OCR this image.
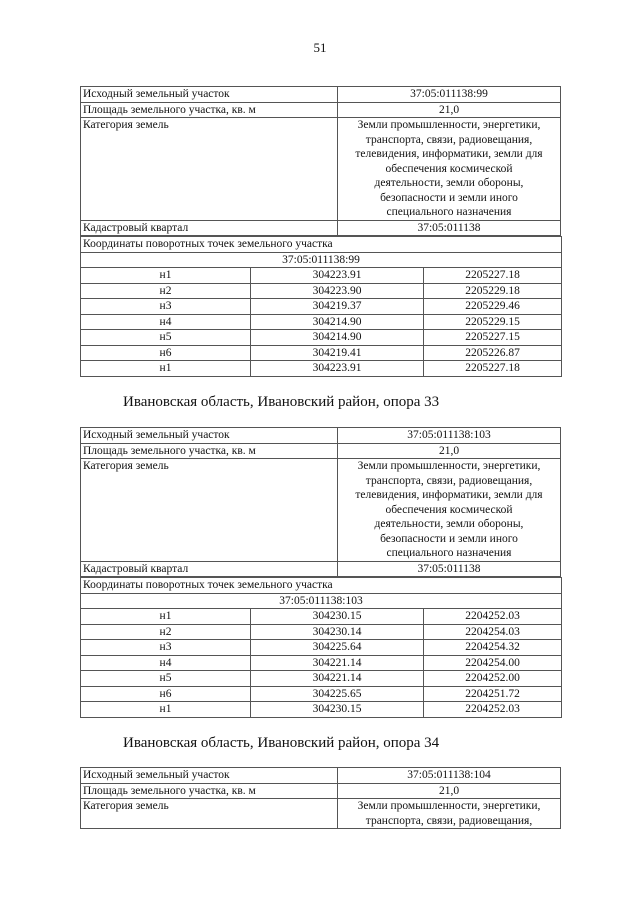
51
Исходный земельный участок	37:05:011138:99
Площадь земельного участка, кв. м	21,0
Категория земель	Земли промышленности, энергетики,
транспорта, связи, радиовещания,
телевидения, информатики, земли для
обеспечения космической
деятельности, земли обороны,
безопасности и земли иного
специального назначения

Кадастровый квартал	37:05:011138
Координаты поворотных точек земельного участка		
37:05:011138:99		
н1	304223.91	2205227.18
н2	304223.90	2205229.18
н3	304219.37	2205229.46
н4	304214.90	2205229.15
н5	304214.90	2205227.15
н6	304219.41	2205226.87
н1	304223.91	2205227.18
Ивановская область, Ивановский район, опора 33
Исходный земельный участок	37:05:011138:103
Площадь земельного участка, кв. м	21,0
Категория земель	Земли промышленности, энергетики,
транспорта, связи, радиовещания,
телевидения, информатики, земли для
обеспечения космической
деятельности, земли обороны,
безопасности и земли иного
специального назначения

Кадастровый квартал	37:05:011138
Координаты поворотных точек земельного участка		
37:05:011138:103		
н1	304230.15	2204252.03
н2	304230.14	2204254.03
н3	304225.64	2204254.32
н4	304221.14	2204254.00
н5	304221.14	2204252.00
н6	304225.65	2204251.72
н1	304230.15	2204252.03
Ивановская область, Ивановский район, опора 34
Исходный земельный участок	37:05:011138:104
Площадь земельного участка, кв. м	21,0
Категория земель	Земли промышленности, энергетики,
транспорта, связи, радиовещания,
